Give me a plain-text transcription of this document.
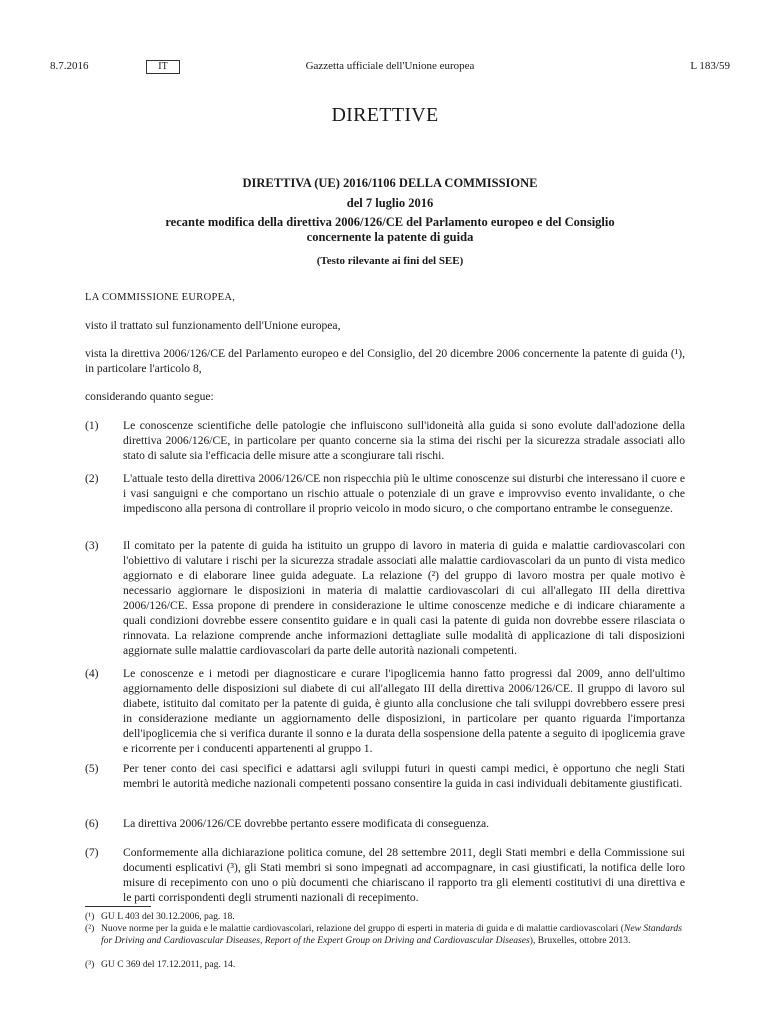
8.7.2016	IT	Gazzetta ufficiale dell'Unione europea	L 183/59
DIRETTIVE
DIRETTIVA (UE) 2016/1106 DELLA COMMISSIONE
del 7 luglio 2016
recante modifica della direttiva 2006/126/CE del Parlamento europeo e del Consiglio concernente la patente di guida
(Testo rilevante ai fini del SEE)
LA COMMISSIONE EUROPEA,
visto il trattato sul funzionamento dell'Unione europea,
vista la direttiva 2006/126/CE del Parlamento europeo e del Consiglio, del 20 dicembre 2006 concernente la patente di guida (¹), in particolare l'articolo 8,
considerando quanto segue:
(1) Le conoscenze scientifiche delle patologie che influiscono sull'idoneità alla guida si sono evolute dall'adozione della direttiva 2006/126/CE, in particolare per quanto concerne sia la stima dei rischi per la sicurezza stradale associati allo stato di salute sia l'efficacia delle misure atte a scongiurare tali rischi.
(2) L'attuale testo della direttiva 2006/126/CE non rispecchia più le ultime conoscenze sui disturbi che interessano il cuore e i vasi sanguigni e che comportano un rischio attuale o potenziale di un grave e improvviso evento invalidante, o che impediscono alla persona di controllare il proprio veicolo in modo sicuro, o che comportano entrambe le conseguenze.
(3) Il comitato per la patente di guida ha istituito un gruppo di lavoro in materia di guida e malattie cardiovascolari con l'obiettivo di valutare i rischi per la sicurezza stradale associati alle malattie cardiovascolari da un punto di vista medico aggiornato e di elaborare linee guida adeguate. La relazione (²) del gruppo di lavoro mostra per quale motivo è necessario aggiornare le disposizioni in materia di malattie cardiovascolari di cui all'allegato III della direttiva 2006/126/CE. Essa propone di prendere in considerazione le ultime conoscenze mediche e di indicare chiaramente a quali condizioni dovrebbe essere consentito guidare e in quali casi la patente di guida non dovrebbe essere rilasciata o rinnovata. La relazione comprende anche informazioni dettagliate sulle modalità di applicazione di tali disposizioni aggiornate sulle malattie cardiovascolari da parte delle autorità nazionali competenti.
(4) Le conoscenze e i metodi per diagnosticare e curare l'ipoglicemia hanno fatto progressi dal 2009, anno dell'ultimo aggiornamento delle disposizioni sul diabete di cui all'allegato III della direttiva 2006/126/CE. Il gruppo di lavoro sul diabete, istituito dal comitato per la patente di guida, è giunto alla conclusione che tali sviluppi dovrebbero essere presi in considerazione mediante un aggiornamento delle disposizioni, in particolare per quanto riguarda l'importanza dell'ipoglicemia che si verifica durante il sonno e la durata della sospensione della patente a seguito di ipoglicemia grave e ricorrente per i conducenti appartenenti al gruppo 1.
(5) Per tener conto dei casi specifici e adattarsi agli sviluppi futuri in questi campi medici, è opportuno che negli Stati membri le autorità mediche nazionali competenti possano consentire la guida in casi individuali debitamente giustificati.
(6) La direttiva 2006/126/CE dovrebbe pertanto essere modificata di conseguenza.
(7) Conformemente alla dichiarazione politica comune, del 28 settembre 2011, degli Stati membri e della Commissione sui documenti esplicativi (³), gli Stati membri si sono impegnati ad accompagnare, in casi giustificati, la notifica delle loro misure di recepimento con uno o più documenti che chiariscano il rapporto tra gli elementi costitutivi di una direttiva e le parti corrispondenti degli strumenti nazionali di recepimento.
(¹) GU L 403 del 30.12.2006, pag. 18.
(²) Nuove norme per la guida e le malattie cardiovascolari, relazione del gruppo di esperti in materia di guida e di malattie cardiovascolari (New Standards for Driving and Cardiovascular Diseases, Report of the Expert Group on Driving and Cardiovascular Diseases), Bruxelles, ottobre 2013.
(³) GU C 369 del 17.12.2011, pag. 14.
